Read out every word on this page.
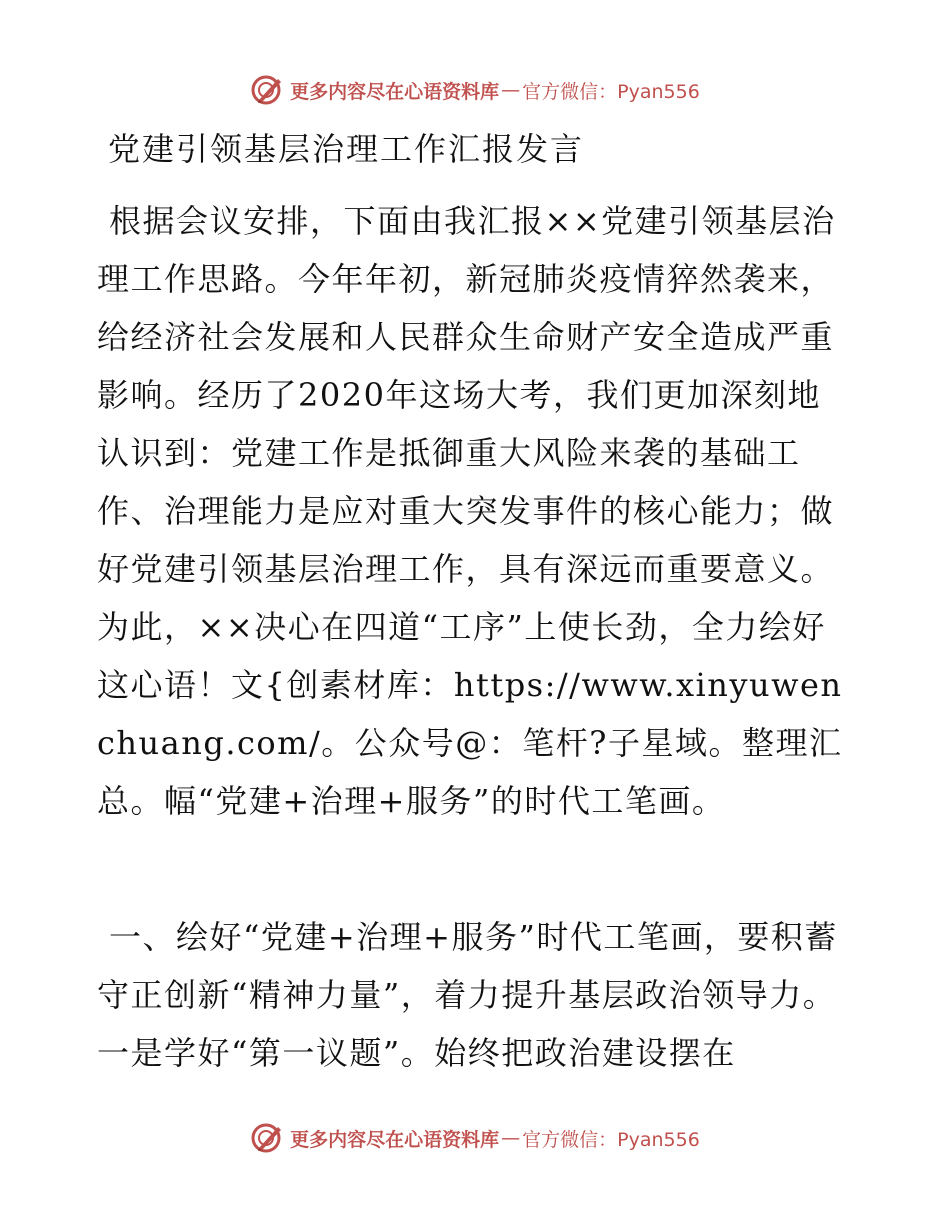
更多内容尽在心语资料库 — 官方微信：Pyan556
党建引领基层治理工作汇报发言

根据会议安排，下面由我汇报××党建引领基层治理工作思路。今年年初，新冠肺炎疫情猝然袭来，给经济社会发展和人民群众生命财产安全造成严重影响。经历了2020年这场大考，我们更加深刻地认识到：党建工作是抵御重大风险来袭的基础工作、治理能力是应对重大突发事件的核心能力；做好党建引领基层治理工作，具有深远而重要意义。为此，××决心在四道“工序”上使长劲，全力绘好这心语！文{创素材库：https://www.xinyuwenchuang.com/。公众号@：笔杆?子星域。整理汇总。幅“党建+治理+服务”的时代工笔画。

一、绘好“党建+治理+服务”时代工笔画，要积蓄守正创新“精神力量”，着力提升基层政治领导力。一是学好“第一议题”。始终把政治建设摆在

更多内容尽在心语资料库 — 官方微信：Pyan556
